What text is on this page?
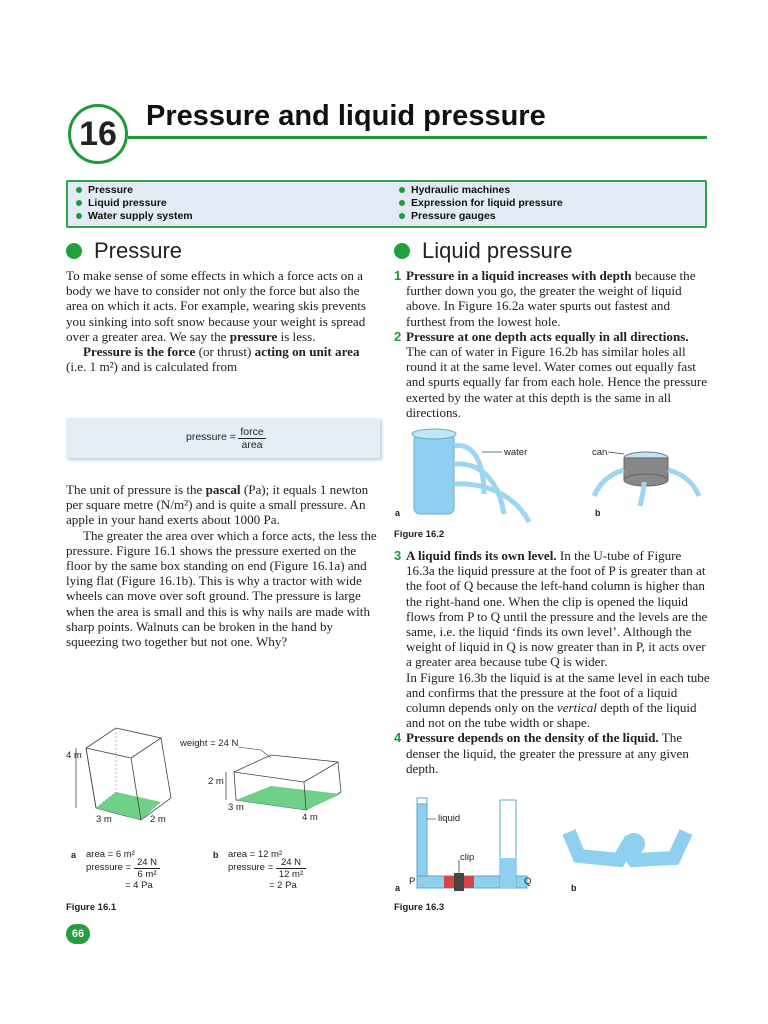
16	Pressure and liquid pressure
Pressure
Liquid pressure
Water supply system
Hydraulic machines
Expression for liquid pressure
Pressure gauges
Pressure

To make sense of some effects in which a force acts on a body we have to consider not only the force but also the area on which it acts. For example, wearing skis prevents you sinking into soft snow because your weight is spread over a greater area. We say the pressure is less.

Pressure is the force (or thrust) acting on unit area (i.e. 1 m²) and is calculated from

pressure = force
area

The unit of pressure is the pascal (Pa); it equals 1 newton per square metre (N/m²) and is quite a small pressure. An apple in your hand exerts about 1000 Pa.

The greater the area over which a force acts, the less the pressure. Figure 16.1 shows the pressure exerted on the floor by the same box standing on end (Figure 16.1a) and lying flat (Figure 16.1b). This is why a tractor with wide wheels can move over soft ground. The pressure is large when the area is small and this is why nails are made with sharp points. Walnuts can be broken in the hand by squeezing two together but not one. Why?

4 m
3 m	2 m
weight = 24 N
2 m
3 m
4 m
a area = 6 m²
pressure = 24 N
6 m²
= 4 Pa
b area = 12 m²
pressure = 24 N
12 m²
= 2 Pa
Figure 16.1
66
Liquid pressure

1 Pressure in a liquid increases with depth because the further down you go, the greater the weight of liquid above. In Figure 16.2a water spurts out fastest and furthest from the lowest hole.

2 Pressure at one depth acts equally in all directions. The can of water in Figure 16.2b has similar holes all round it at the same level. Water comes out equally fast and spurts equally far from each hole. Hence the pressure exerted by the water at this depth is the same in all directions.

water	can
a	b
Figure 16.2

3 A liquid finds its own level. In the U-tube of Figure 16.3a the liquid pressure at the foot of P is greater than at the foot of Q because the left-hand column is higher than the right-hand one. When the clip is opened the liquid flows from P to Q until the pressure and the levels are the same, i.e. the liquid ‘finds its own level’. Although the weight of liquid in Q is now greater than in P, it acts over a greater area because tube Q is wider.

In Figure 16.3b the liquid is at the same level in each tube and confirms that the pressure at the foot of a liquid column depends only on the vertical depth of the liquid and not on the tube width or shape.

4 Pressure depends on the density of the liquid. The denser the liquid, the greater the pressure at any given depth.

liquid
clip
P	Q
a	b
Figure 16.3
